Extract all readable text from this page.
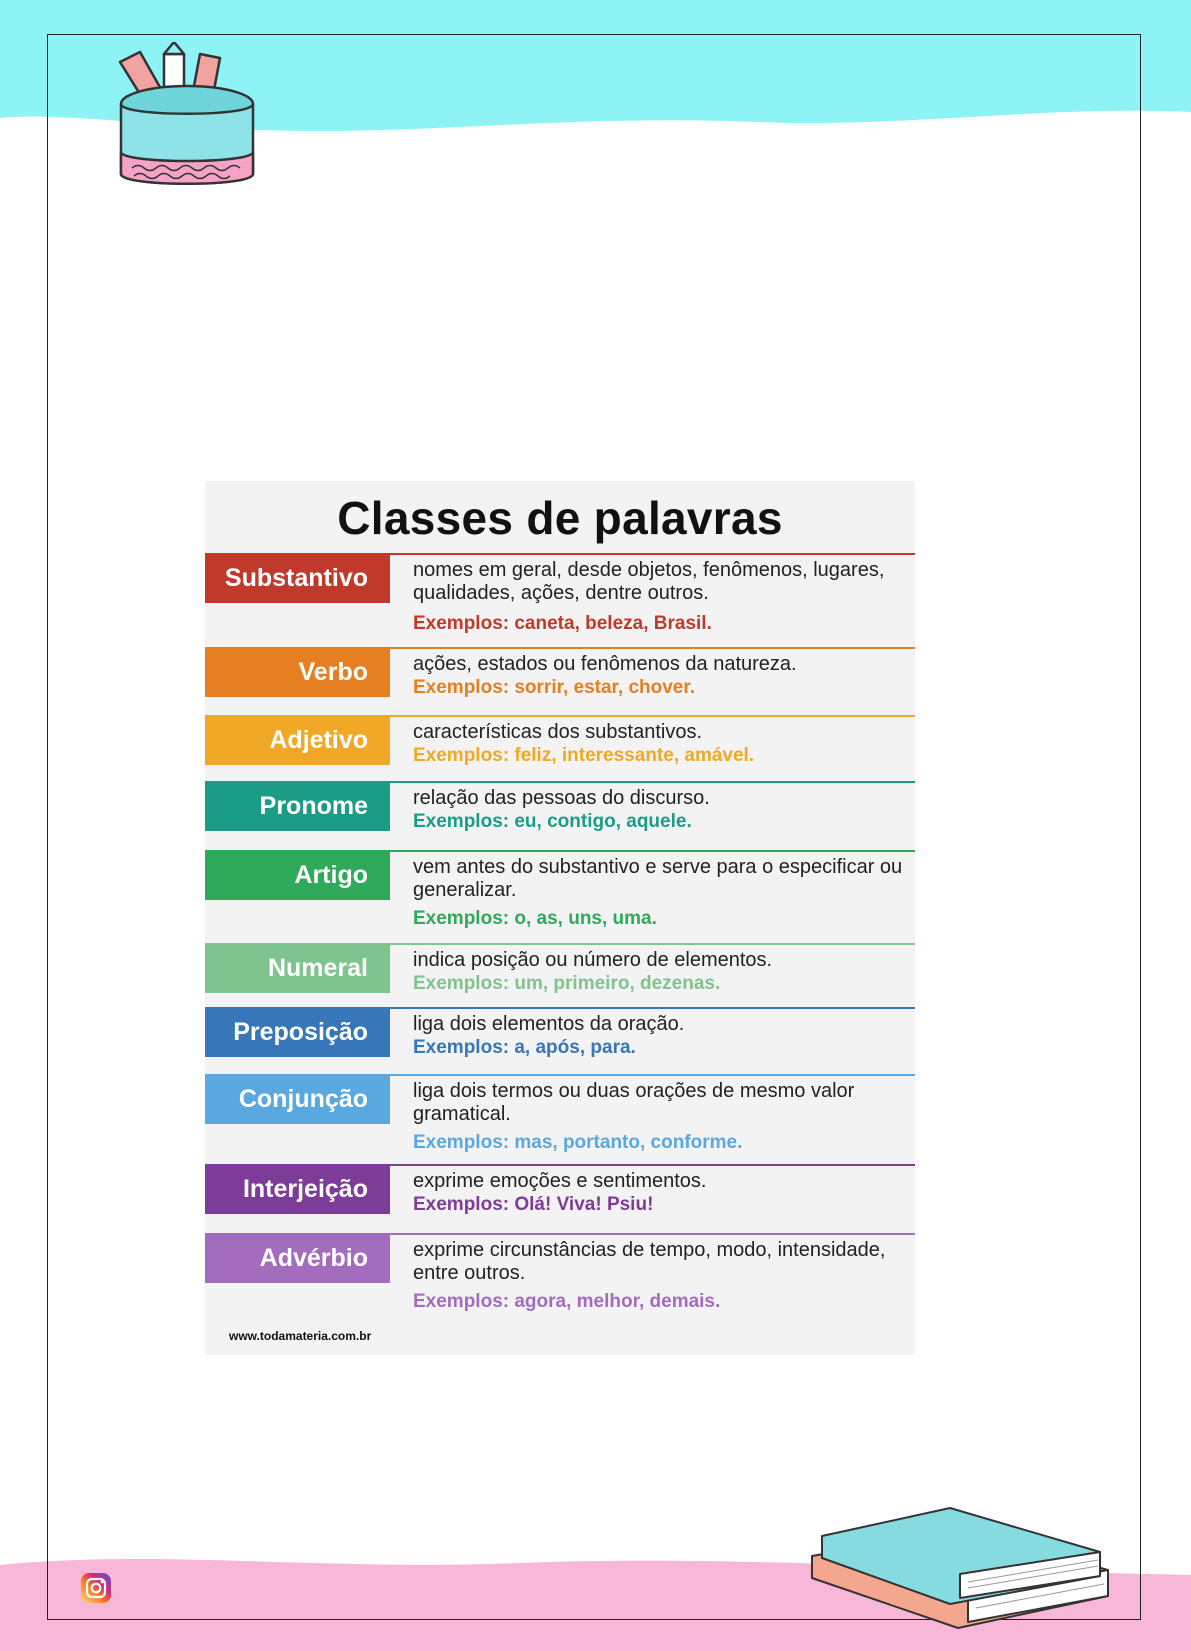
Classes de palavras
Substantivo	nomes em geral, desde objetos, fenômenos, lugares, qualidades, ações, dentre outros.
Exemplos: caneta, beleza, Brasil.
Verbo	ações, estados ou fenômenos da natureza.
Exemplos: sorrir, estar, chover.
Adjetivo	características dos substantivos.
Exemplos: feliz, interessante, amável.
Pronome	relação das pessoas do discurso.
Exemplos: eu, contigo, aquele.
Artigo	vem antes do substantivo e serve para o especificar ou generalizar.
Exemplos: o, as, uns, uma.
Numeral	indica posição ou número de elementos.
Exemplos: um, primeiro, dezenas.
Preposição	liga dois elementos da oração.
Exemplos: a, após, para.
Conjunção	liga dois termos ou duas orações de mesmo valor gramatical.
Exemplos: mas, portanto, conforme.
Interjeição	exprime emoções e sentimentos.
Exemplos: Olá! Viva! Psiu!
Advérbio	exprime circunstâncias de tempo, modo, intensidade, entre outros.
Exemplos: agora, melhor, demais.
www.todamateria.com.br
